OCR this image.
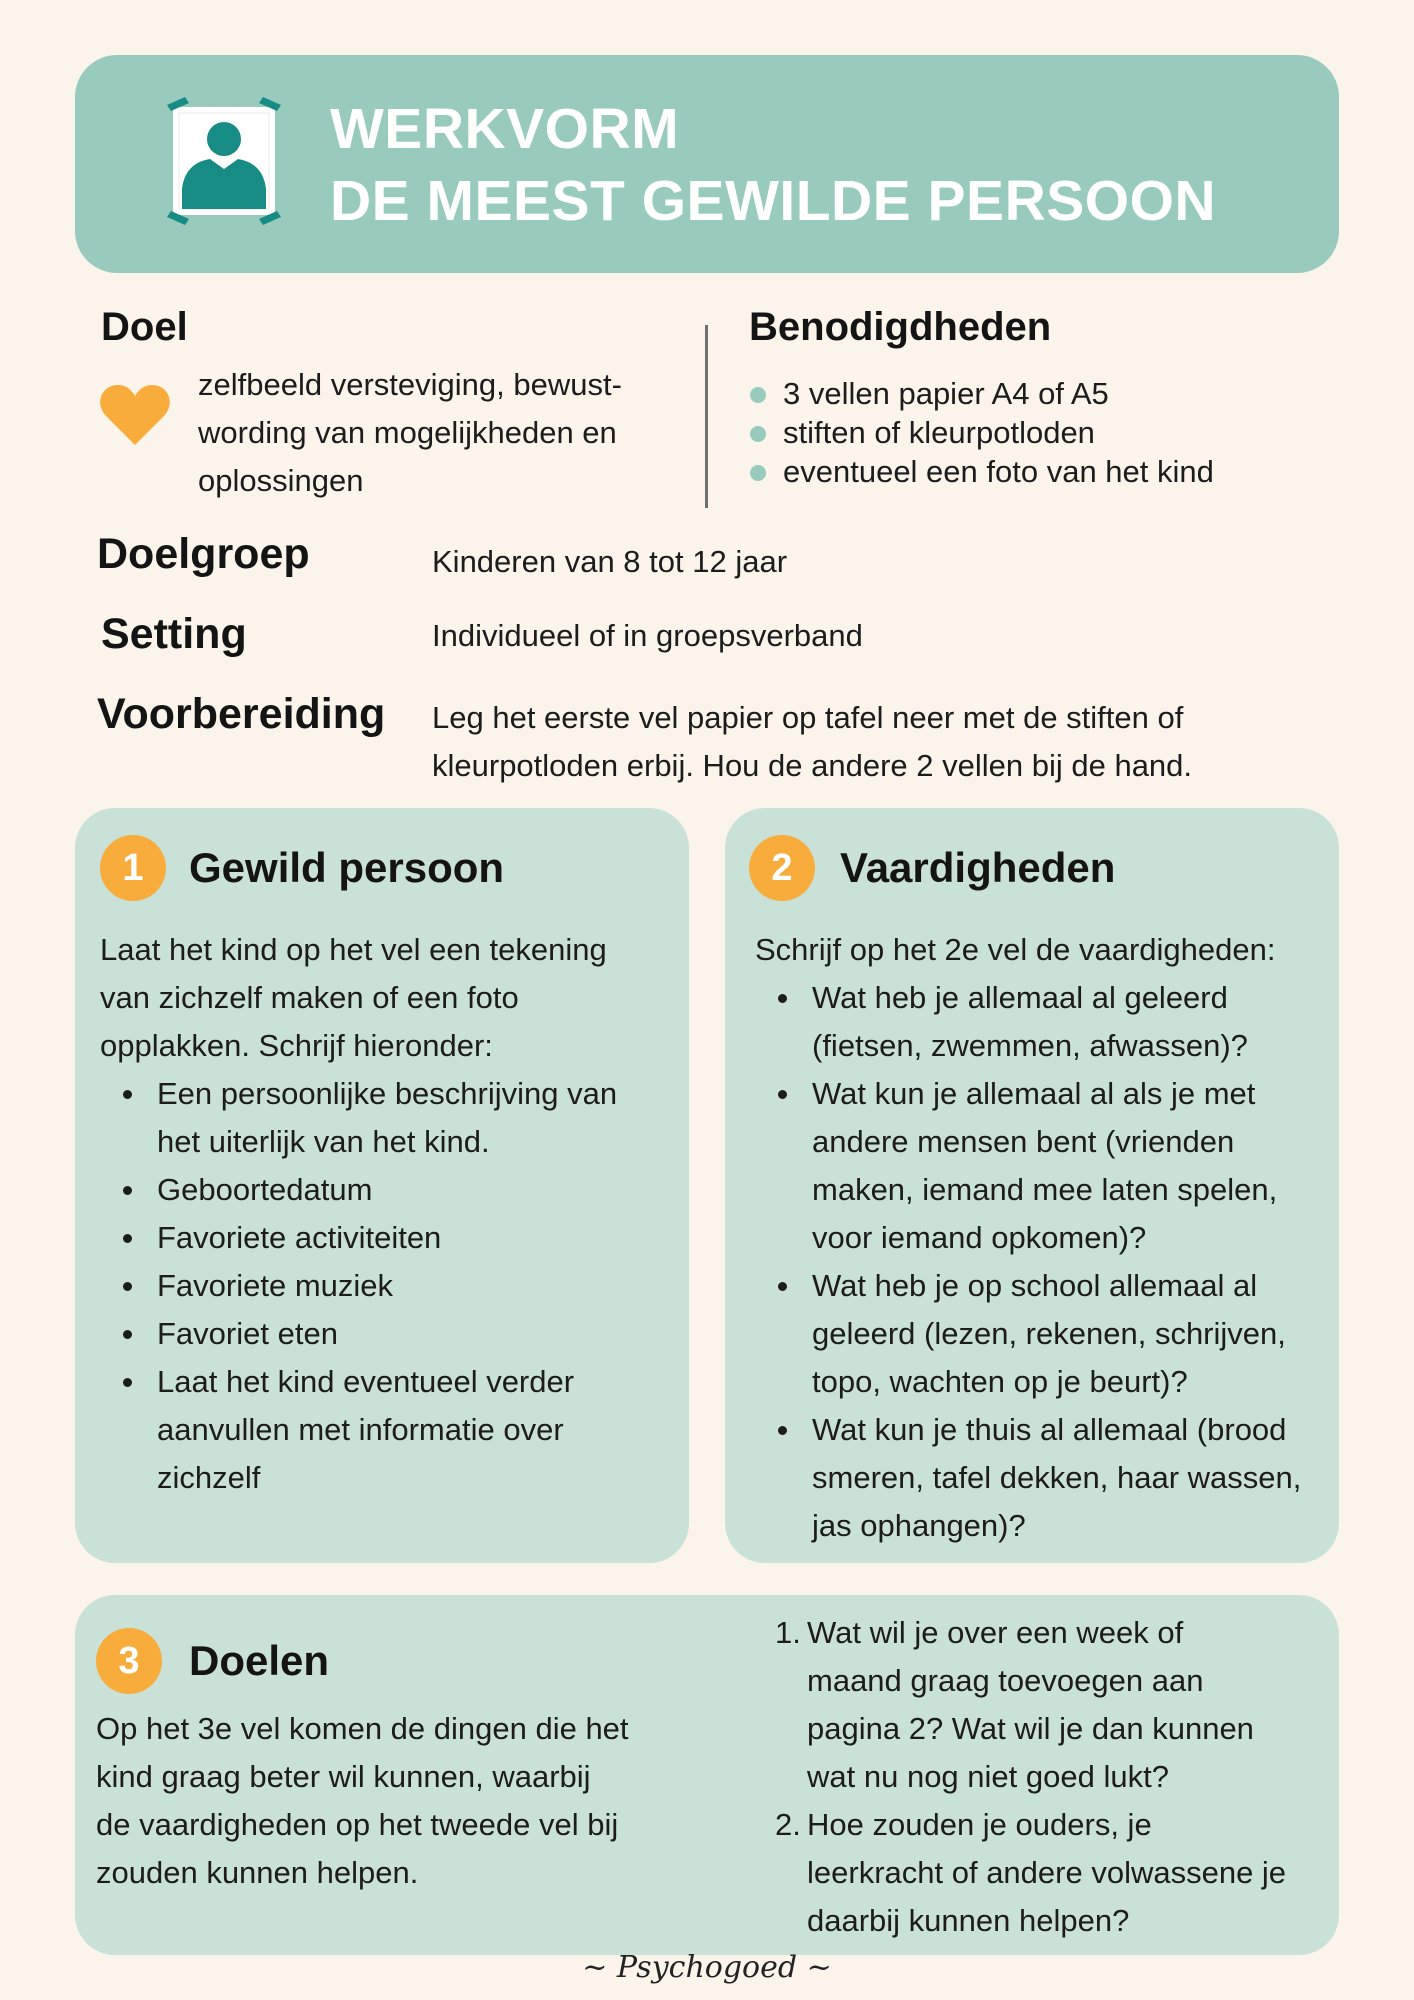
WERKVORM
DE MEEST GEWILDE PERSOON
Doel
zelfbeeld versteviging, bewust-
wording van mogelijkheden en
oplossingen
Benodigdheden
3 vellen papier A4 of A5
stiften of kleurpotloden
eventueel een foto van het kind
Doelgroep	Kinderen van 8 tot 12 jaar
Setting	Individueel of in groepsverband
Voorbereiding Leg het eerste vel papier op tafel neer met de stiften of
kleurpotloden erbij. Hou de andere 2 vellen bij de hand.
1	Gewild persoon
Laat het kind op het vel een tekening
van zichzelf maken of een foto
opplakken. Schrijf hieronder:
Een persoonlijke beschrijving van
het uiterlijk van het kind.
Geboortedatum
Favoriete activiteiten
Favoriete muziek
Favoriet eten
Laat het kind eventueel verder
aanvullen met informatie over
zichzelf
2	Vaardigheden
Schrijf op het 2e vel de vaardigheden:
Wat heb je allemaal al geleerd
(fietsen, zwemmen, afwassen)?
Wat kun je allemaal al als je met
andere mensen bent (vrienden
maken, iemand mee laten spelen,
voor iemand opkomen)?
Wat heb je op school allemaal al
geleerd (lezen, rekenen, schrijven,
topo, wachten op je beurt)?
Wat kun je thuis al allemaal (brood
smeren, tafel dekken, haar wassen,
jas ophangen)?
3	Doelen
Op het 3e vel komen de dingen die het
kind graag beter wil kunnen, waarbij
de vaardigheden op het tweede vel bij
zouden kunnen helpen.
1. Wat wil je over een week of
maand graag toevoegen aan
pagina 2? Wat wil je dan kunnen
wat nu nog niet goed lukt?
2. Hoe zouden je ouders, je
leerkracht of andere volwassene je
daarbij kunnen helpen?
~ Psychogoed ~
